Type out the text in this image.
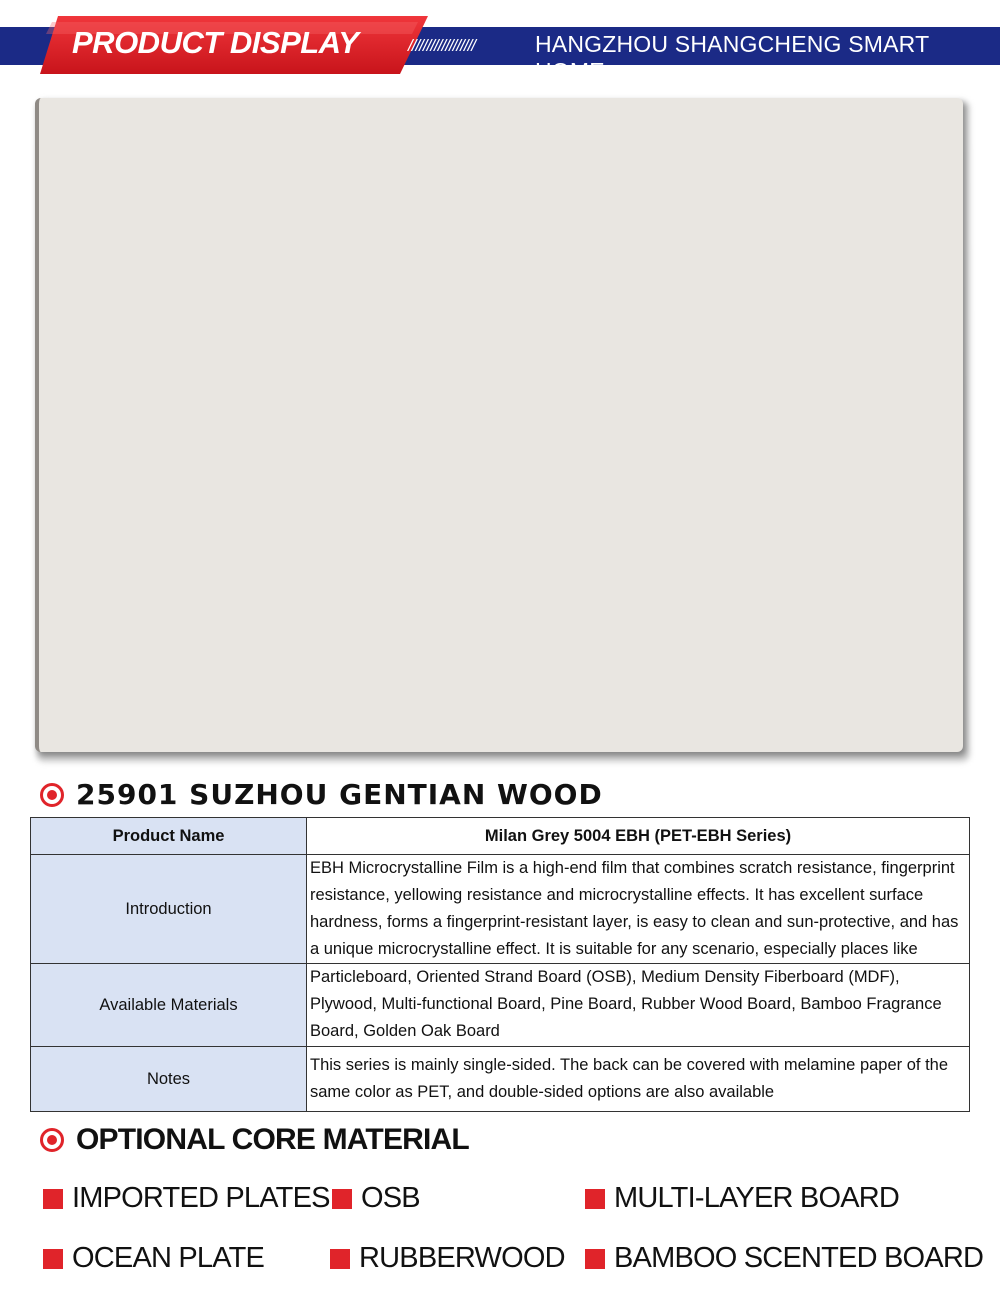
PRODUCT DISPLAY	//////////////////	HANGZHOU SHANGCHENG SMART HOME
25901 SUZHOU GENTIAN WOOD
Product Name	Milan Grey 5004 EBH (PET-EBH Series)
Introduction	EBH Microcrystalline Film is a high-end film that combines scratch resistance, fingerprint resistance, yellowing resistance and microcrystalline effects. It has excellent surface hardness, forms a fingerprint-resistant layer, is easy to clean and sun-protective, and has a unique microcrystalline effect. It is suitable for any scenario, especially places like

Available Materials	Particleboard, Oriented Strand Board (OSB), Medium Density Fiberboard (MDF), Plywood, Multi-functional Board, Pine Board, Rubber Wood Board, Bamboo Fragrance Board, Golden Oak Board
Notes	This series is mainly single-sided. The back can be covered with melamine paper of the same color as PET, and double-sided options are also available
OPTIONAL CORE MATERIAL
IMPORTED PLATES OSB	MULTI-LAYER BOARD
OCEAN PLATE	RUBBERWOOD BAMBOO SCENTED BOARD
